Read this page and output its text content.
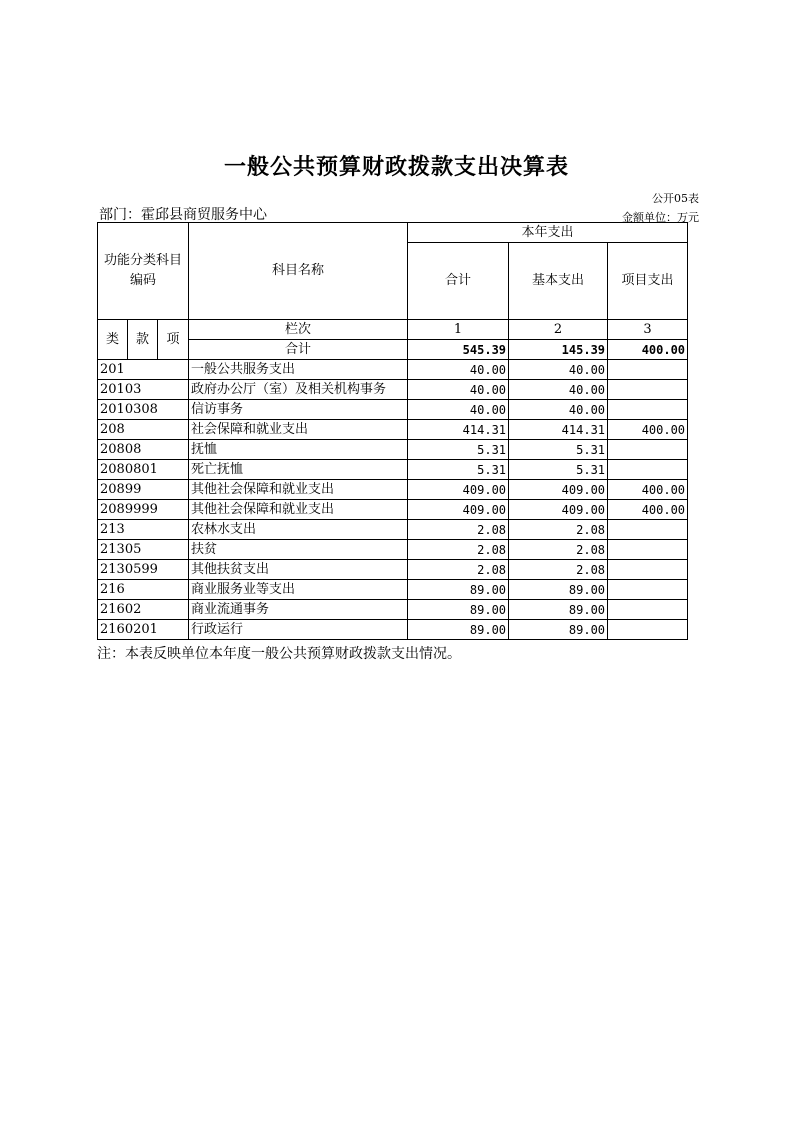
一般公共预算财政拨款支出决算表
公开05表
部门：霍邱县商贸服务中心	金额单位：万元
功能分类科目编码			科目名称	本年支出		
				合计	基本支出	项目支出
类	款	项	栏次	1	2	3
			合计	545.39	145.39	400.00
201			一般公共服务支出	40.00	40.00	
20103			政府办公厅（室）及相关机构事务	40.00	40.00	
2010308			信访事务	40.00	40.00	
208			社会保障和就业支出	414.31	414.31	400.00
20808			抚恤	5.31	5.31	
2080801			死亡抚恤	5.31	5.31	
20899			其他社会保障和就业支出	409.00	409.00	400.00
2089999			其他社会保障和就业支出	409.00	409.00	400.00
213			农林水支出	2.08	2.08	
21305			扶贫	2.08	2.08	
2130599			其他扶贫支出	2.08	2.08	
216			商业服务业等支出	89.00	89.00	
21602			商业流通事务	89.00	89.00	
2160201			行政运行	89.00	89.00	
注：本表反映单位本年度一般公共预算财政拨款支出情况。
